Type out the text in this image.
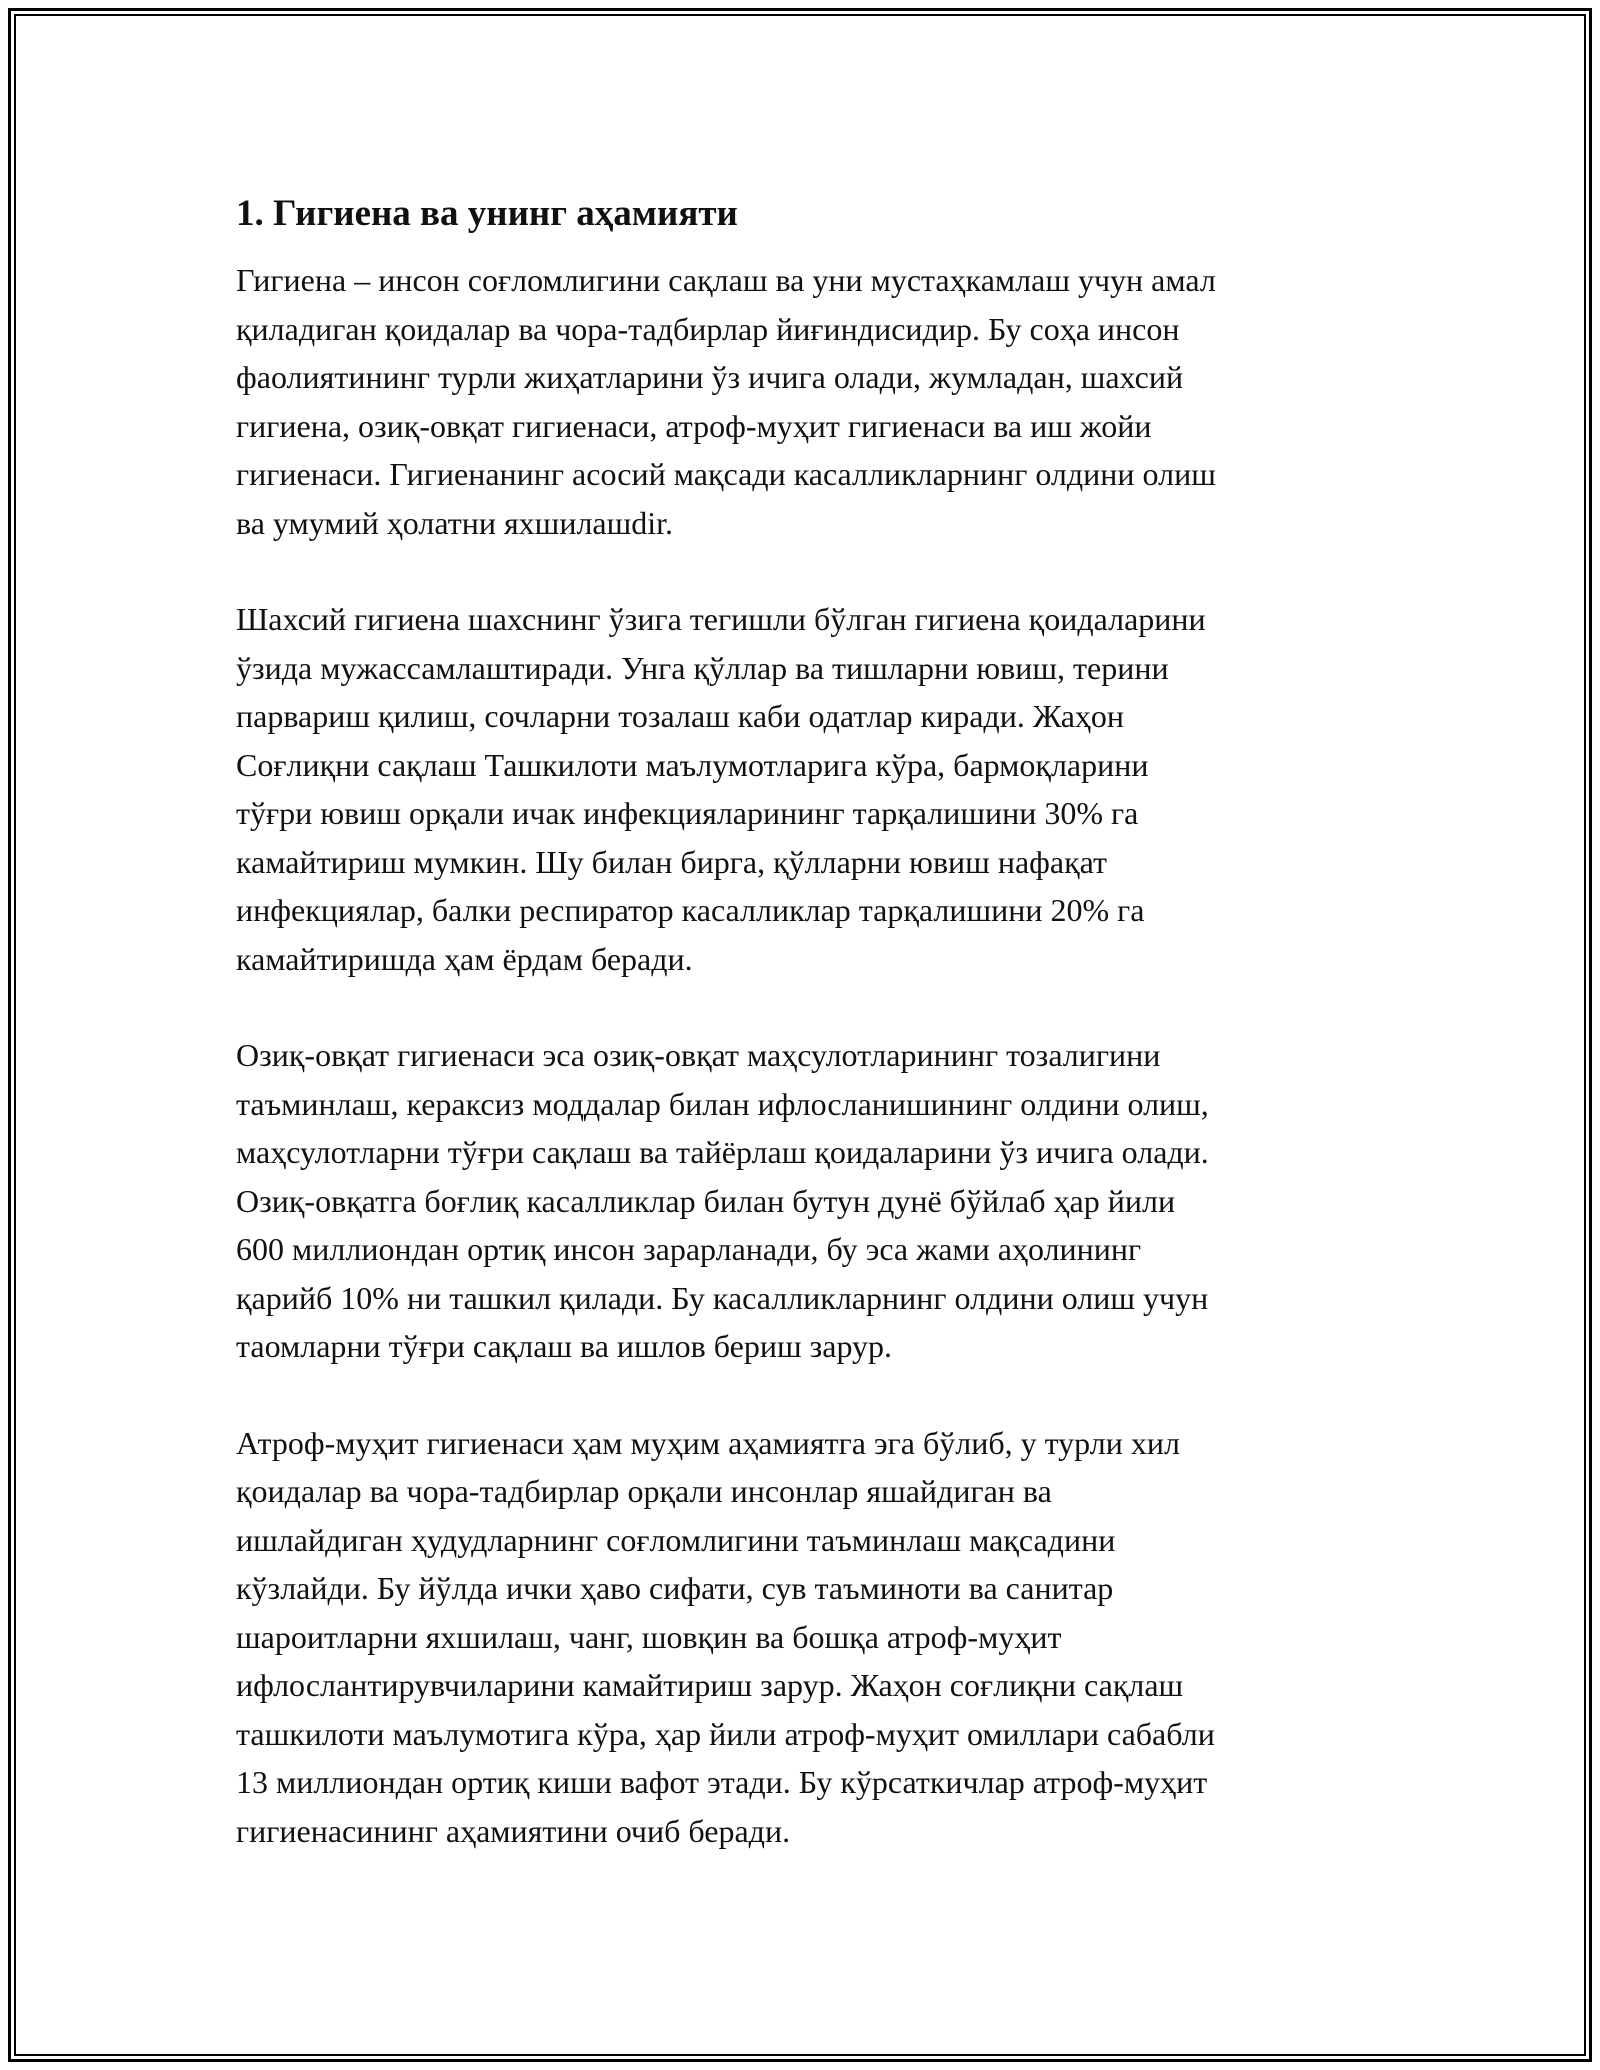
1. Гигиена ва унинг аҳамияти
Гигиена – инсон соғломлигини сақлаш ва уни мустаҳкамлаш учун амал
қиладиган қоидалар ва чора-тадбирлар йиғиндисидир. Бу соҳа инсон
фаолиятининг турли жиҳатларини ўз ичига олади, жумладан, шахсий
гигиена, озиқ-овқат гигиенаси, атроф-муҳит гигиенаси ва иш жойи
гигиенаси. Гигиенанинг асосий мақсади касалликларнинг олдини олиш
ва умумий ҳолатни яхшилашdir.
Шахсий гигиена шахснинг ўзига тегишли бўлган гигиена қоидаларини
ўзида мужассамлаштиради. Унга қўллар ва тишларни ювиш, терини
парвариш қилиш, сочларни тозалаш каби одатлар киради. Жаҳон
Соғлиқни сақлаш Ташкилоти маълумотларига кўра, бармоқларини
тўғри ювиш орқали ичак инфекцияларининг тарқалишини 30% га
камайтириш мумкин. Шу билан бирга, қўлларни ювиш нафақат
инфекциялар, балки респиратор касалликлар тарқалишини 20% га
камайтиришда ҳам ёрдам беради.
Озиқ-овқат гигиенаси эса озиқ-овқат маҳсулотларининг тозалигини
таъминлаш, кераксиз моддалар билан ифлосланишининг олдини олиш,
маҳсулотларни тўғри сақлаш ва тайёрлаш қоидаларини ўз ичига олади.
Озиқ-овқатга боғлиқ касалликлар билан бутун дунё бўйлаб ҳар йили
600 миллиондан ортиқ инсон зарарланади, бу эса жами аҳолининг
қарийб 10% ни ташкил қилади. Бу касалликларнинг олдини олиш учун
таомларни тўғри сақлаш ва ишлов бериш зарур.
Атроф-муҳит гигиенаси ҳам муҳим аҳамиятга эга бўлиб, у турли хил
қоидалар ва чора-тадбирлар орқали инсонлар яшайдиган ва
ишлайдиган ҳудудларнинг соғломлигини таъминлаш мақсадини
кўзлайди. Бу йўлда ички ҳаво сифати, сув таъминоти ва санитар
шароитларни яхшилаш, чанг, шовқин ва бошқа атроф-муҳит
ифлослантирувчиларини камайтириш зарур. Жаҳон соғлиқни сақлаш
ташкилоти маълумотига кўра, ҳар йили атроф-муҳит омиллари сабабли
13 миллиондан ортиқ киши вафот этади. Бу кўрсаткичлар атроф-муҳит
гигиенасининг аҳамиятини очиб беради.
